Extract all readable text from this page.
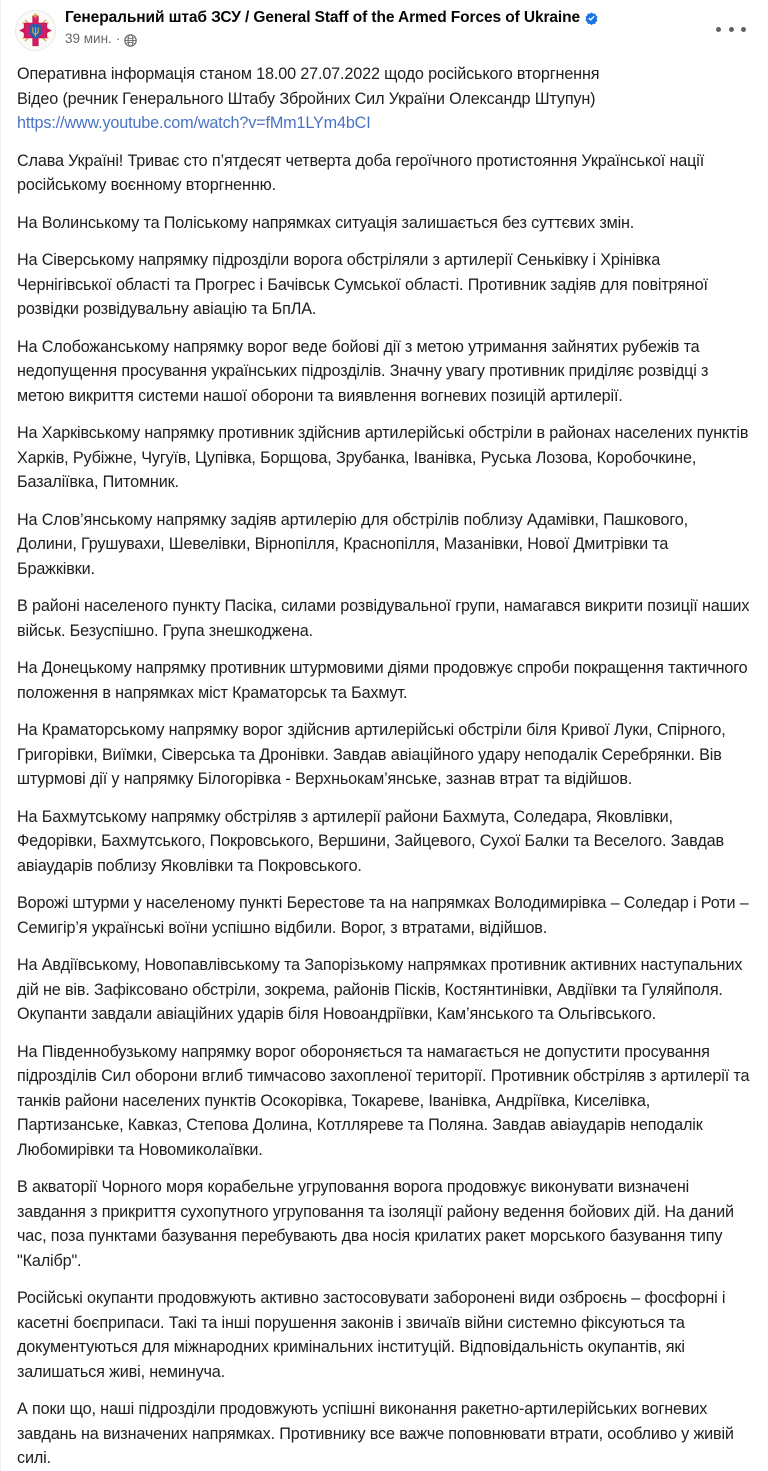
Генеральний штаб ЗСУ / General Staff of the Armed Forces of Ukraine
39 мин. ·

Оперативна інформація станом 18.00 27.07.2022 щодо російського вторгнення

Відео (речник Генерального Штабу Збройних Сил України Олександр Штупун)

https://www.youtube.com/watch?v=fMm1LYm4bCI

Слава Україні! Триває сто п’ятдесят четверта доба героїчного протистояння Української нації російському воєнному вторгненню.

На Волинському та Поліському напрямках ситуація залишається без суттєвих змін.

На Сіверському напрямку підрозділи ворога обстріляли з артилерії Сеньківку і Хрінівка Чернігівської області та Прогрес і Бачівськ Сумської області. Противник задіяв для повітряної розвідки розвідувальну авіацію та БпЛА.

На Слобожанському напрямку ворог веде бойові дії з метою утримання зайнятих рубежів та недопущення просування українських підрозділів. Значну увагу противник приділяє розвідці з метою викриття системи нашої оборони та виявлення вогневих позицій артилерії.

На Харківському напрямку противник здійснив артилерійські обстріли в районах населених пунктів Харків, Рубіжне, Чугуїв, Цупівка, Борщова, Зрубанка, Іванівка, Руська Лозова, Коробочкине, Базалiївка, Питомник.

На Слов’янському напрямку задіяв артилерію для обстрілів поблизу Адамівки, Пашкового, Долини, Грушувахи, Шевелівки, Вірнопілля, Краснопілля, Мазанівки, Нової Дмитрівки та Бражківки.

В районі населеного пункту Пасіка, силами розвідувальної групи, намагався викрити позиції наших військ. Безуспішно. Група знешкоджена.

На Донецькому напрямку противник штурмовими діями продовжує спроби покращення тактичного положення в напрямках міст Краматорськ та Бахмут.

На Краматорському напрямку ворог здійснив артилерійські обстріли біля Кривої Луки, Спірного, Григорівки, Виїмки, Сіверська та Дронівки. Завдав авіаційного удару неподалік Серебрянки. Вів штурмові дії у напрямку Білогорівка - Верхньокам’янське, зазнав втрат та відійшов.

На Бахмутському напрямку обстріляв з артилерії райони Бахмута, Соледара, Яковлівки, Федорівки, Бахмутського, Покровського, Вершини, Зайцевого, Сухої Балки та Веселого. Завдав авіаударів поблизу Яковлівки та Покровського.

Ворожі штурми у населеному пункті Берестове та на напрямках Володимирівка – Соледар і Роти – Семигір’я українські воїни успішно відбили. Ворог, з втратами, відійшов.

На Авдіївському, Новопавлівському та Запорізькому напрямках противник активних наступальних дій не вів. Зафіксовано обстріли, зокрема, районів Пісків, Костянтинівки, Авдіївки та Гуляйполя. Окупанти завдали авіаційних ударів біля Новоандріївки, Кам’янського та Ольгівського.

На Південнобузькому напрямку ворог обороняється та намагається не допустити просування підрозділів Сил оборони вглиб тимчасово захопленої території. Противник обстріляв з артилерії та танків райони населених пунктів Осокорівка, Токареве, Іванівка, Андріївка, Киселівка, Партизанське, Кавказ, Степова Долина, Котлляреве та Поляна. Завдав авіаударів неподалік Любомирівки та Новомиколаївки.

В акваторії Чорного моря корабельне угруповання ворога продовжує виконувати визначені завдання з прикриття сухопутного угруповання та ізоляції району ведення бойових дій. На даний час, поза пунктами базування перебувають два носія крилатих ракет морського базування типу "Калібр".

Російські окупанти продовжують активно застосовувати заборонені види озброєнь – фосфорні і касетні боєприпаси. Такі та інші порушення законів і звичаїв війни системно фіксуються та документуються для міжнародних кримінальних інституцій. Відповідальність окупантів, які залишаться живі, неминуча.

А поки що, наші підрозділи продовжують успішні виконання ракетно-артилерійських вогневих завдань на визначених напрямках. Противнику все важче поповнювати втрати, особливо у живій силі.
